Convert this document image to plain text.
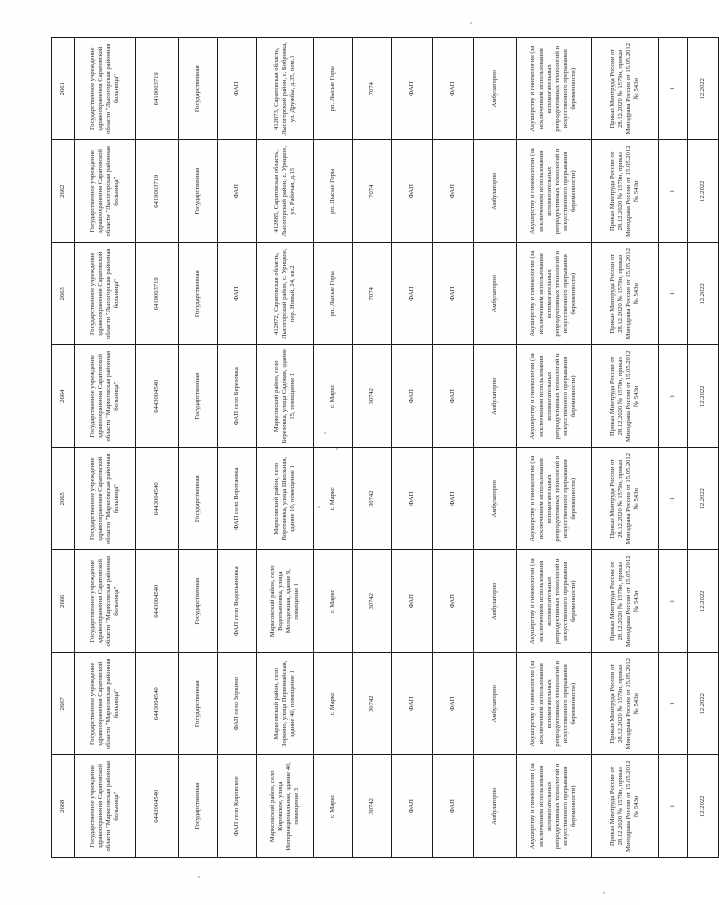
2668	2667	2666	2665	2664	2663	2662	2661
Государственное учреждение здравоохранения Саратовской области "Марксовская районная больница"	Государственное учреждение здравоохранения Саратовской области "Марксовская районная больница"	Государственное учреждение здравоохранения Саратовской области "Марксовская районная больница"	Государственное учреждение здравоохранения Саратовской области "Марксовская районная больница"	Государственное учреждение здравоохранения Саратовской области "Марксовская районная больница"	Государственное учреждение здравоохранения Саратовской области "Лысогорская районная больница"	Государственное учреждение здравоохранения Саратовской области "Лысогорская районная больница"	Государственное учреждение здравоохранения Саратовской области "Лысогорская районная больница"
6443004540	6443004540	6443004540	6443004540	6443004540	6419003719	6419003719	6419003719
Государственная	Государственная	Государственная	Государственная	Государственная	Государственная	Государственная	Государственная
ФАП село Кировское	ФАП село Зоркино	ФАП село Водопьяновка	ФАП село Воротаевка	ФАП село Березовка	ФАП	ФАП	ФАП
Марксовский район, село Кировское, улица Интернациональная, здание 40, помещение 3	Марксовский район, село Зоркино, улица Первомайская, здание 40, помещение 1	Марксовский район, село Водопьяновка, улица Молодежная, здание 9, помещение 1	Марксовский район, село Воротаевка, улица Школьная, здание 10, помещение 1	Марксовский район, село Березовка, улица Садовая, здание 15, помещение 1	412872, Саратовская область, Лысогорский район, с. Урицкое, пер. Новый, 24, кв.2	412885, Саратовская область, Лысогорский район, с. Урицкое, ул. Рабочая, д.15	412873, Саратовская область, Лысогорский район, с. Бобровка, ул. Дружбы, д.35, пом.1
г. Маркс	г. Маркс	г. Маркс	г. Маркс	г. Маркс	рп. Лысые Горы	рп. Лысые Горы	рп. Лысые Горы
30742	30742	30742	30742	30742	7074	7074	7074
ФАП	ФАП	ФАП	ФАП	ФАП	ФАП	ФАП	ФАП
ФАП	ФАП	ФАП	ФАП	ФАП	ФАП	ФАП	ФАП
Амбулаторно	Амбулаторно	Амбулаторно	Амбулаторно	Амбулаторно	Амбулаторно	Амбулаторно	Амбулаторно
Акушерству и гинекологии (за исключением использования вспомогательных репродуктивных технологий и искусственного прерывания беременности)	Акушерству и гинекологии (за исключением использования вспомогательных репродуктивных технологий и искусственного прерывания беременности)	Акушерству и гинекологии (за исключением использования вспомогательных репродуктивных технологий и искусственного прерывания беременности)	Акушерству и гинекологии (за исключением использования вспомогательных репродуктивных технологий и искусственного прерывания беременности)	Акушерству и гинекологии (за исключением использования вспомогательных репродуктивных технологий и искусственного прерывания беременности)	Акушерству и гинекологии (за исключением использования вспомогательных репродуктивных технологий и искусственного прерывания беременности)	Акушерству и гинекологии (за исключением использования вспомогательных репродуктивных технологий и искусственного прерывания беременности)	Акушерству и гинекологии (за исключением использования вспомогательных репродуктивных технологий и искусственного прерывания беременности)
Приказ Минтруда России от 28.12.2020 № 1579н, приказ Минздрава России от 15.05.2012 № 543н	Приказ Минтруда России от 28.12.2020 № 1579н, приказ Минздрава России от 15.05.2012 № 543н	Приказ Минтруда России от 28.12.2020 № 1579н, приказ Минздрава России от 15.05.2012 № 543н	Приказ Минтруда России от 28.12.2020 № 1579н, приказ Минздрава России от 15.05.2012 № 543н	Приказ Минтруда России от 28.12.2020 № 1579н, приказ Минздрава России от 15.05.2012 № 543н	Приказ Минтруда России от 28.12.2020 № 1579н, приказ Минздрава России от 15.05.2012 № 543н	Приказ Минтруда России от 28.12.2020 № 1579н, приказ Минздрава России от 15.05.2012 № 543н	Приказ Минтруда России от 28.12.2020 № 1579н, приказ Минздрава России от 15.05.2012 № 543н
1	1	1	1	1	1	1	1
12.2022	12.2022	12.2022	12.2022	12.2022	12.2022	12.2022	12.2022
